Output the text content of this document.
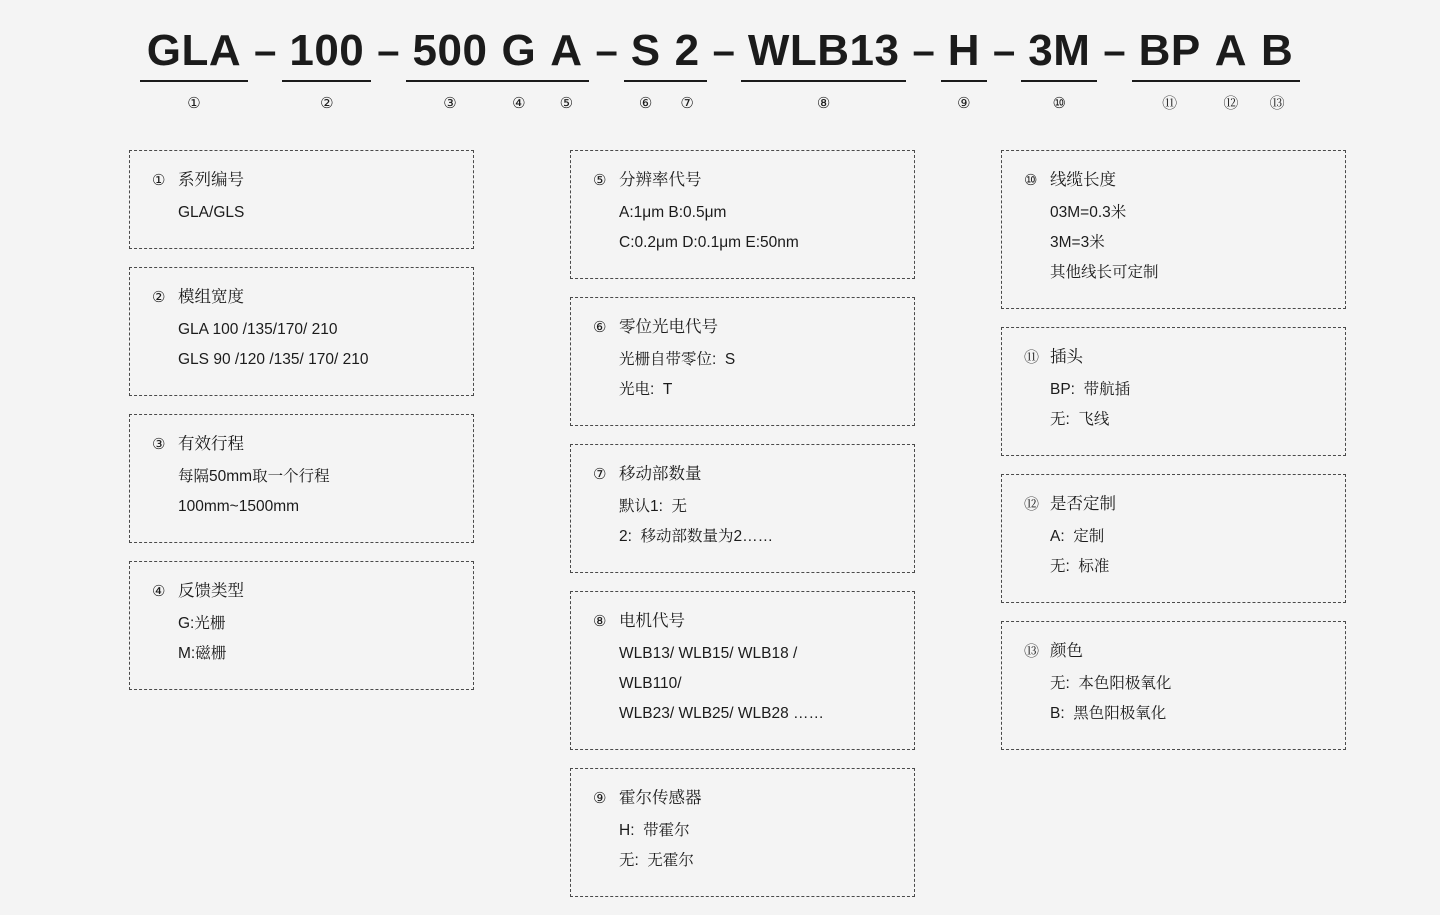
GLA
①
– 100
②
– 500
③
G
④
A
⑤
– S
⑥
2
⑦
– WLB13
⑧
– H
⑨
– 3M
⑩
– BP
⑪
A
⑫
B
⑬
① 系列编号
GLA/GLS
② 模组宽度
GLA 100 /135/170/ 210
GLS 90 /120 /135/ 170/ 210
③ 有效行程
每隔50mm取一个行程
100mm~1500mm
④ 反馈类型
G:光栅
M:磁栅
⑤ 分辨率代号
A:1μm B:0.5μm
C:0.2μm D:0.1μm E:50nm
⑥ 零位光电代号
光栅自带零位:  S
光电:  T
⑦ 移动部数量
默认1:  无
2:  移动部数量为2……
⑧ 电机代号
WLB13/ WLB15/ WLB18 /
WLB110/
WLB23/ WLB25/ WLB28 ……
⑨ 霍尔传感器
H:  带霍尔
无:  无霍尔
⑩ 线缆长度
03M=0.3米
3M=3米
其他线长可定制
⑪ 插头
BP:  带航插
无:  飞线
⑫ 是否定制
A:  定制
无:  标准
⑬ 颜色
无:  本色阳极氧化
B:  黑色阳极氧化
